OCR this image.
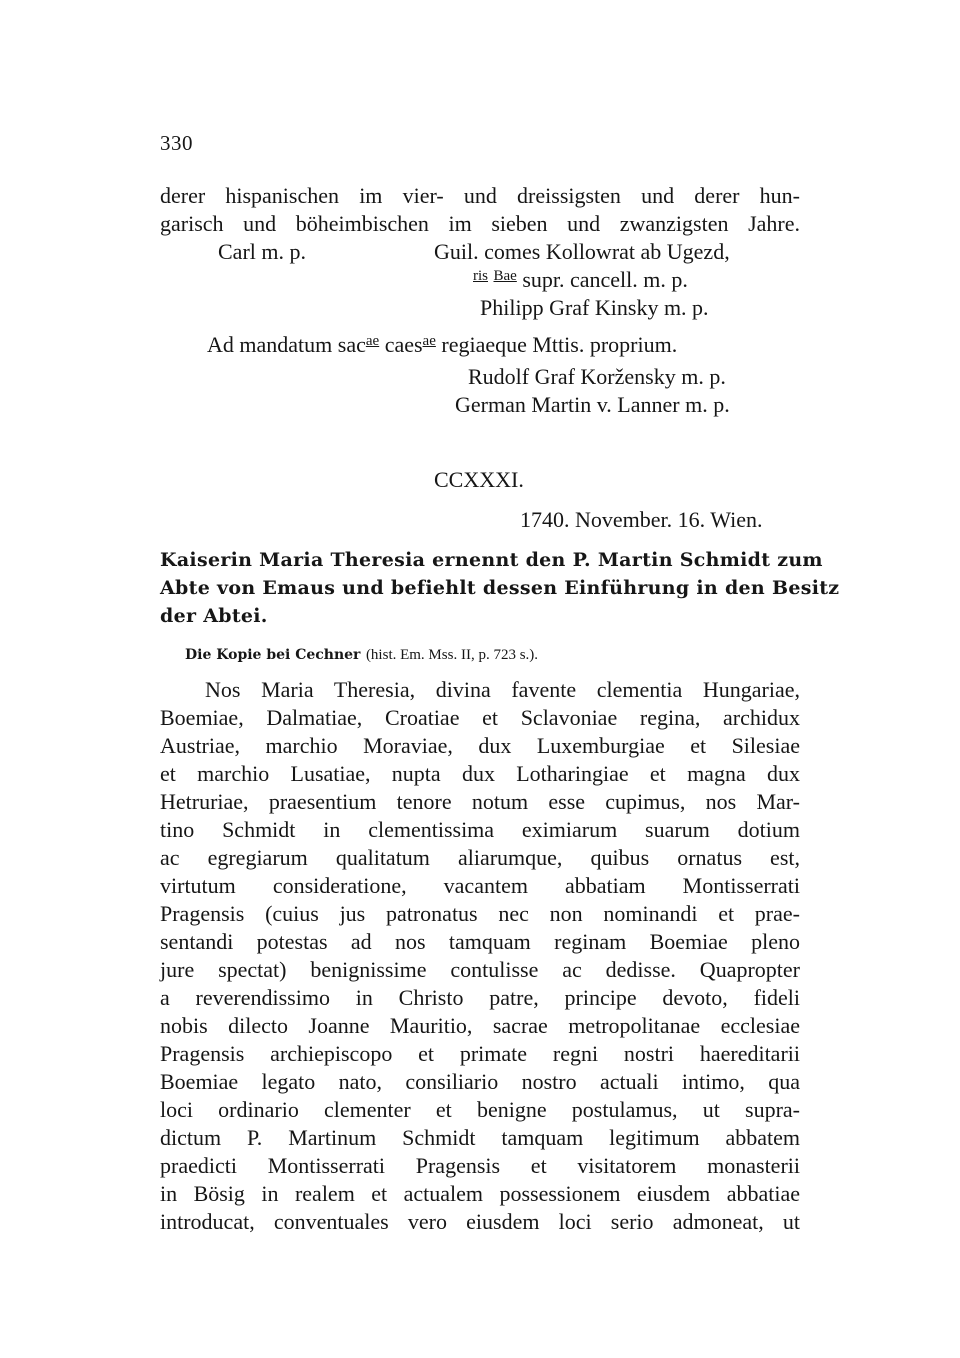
330
derer hispanischen im vier- und dreissigsten und derer hun-
garisch und böheimbischen im sieben und zwanzigsten Jahre.
Carl m. p.	Guil. comes Kollowrat ab Ugezd,
$^{ris}$ $^{Bae}$ supr. cancell. m. p.
Philipp Graf Kinsky m. p.
Ad mandatum sac$^{ae}$ caes$^{ae}$ regiaeque Mttis. proprium.
Rudolf Graf Koržensky m. p.
German Martin v. Lanner m. p.
CCXXXI.
1740. November. 16. Wien.
Kaiserin Maria Theresia ernennt den P. Martin Schmidt zum
Abte von Emaus und befiehlt dessen Einführung in den Besitz
der Abtei.
Die Kopie bei Cechner (hist. Em. Mss. II, p. 723 s.).
Nos Maria Theresia, divina favente clementia Hungariae,
Boemiae, Dalmatiae, Croatiae et Sclavoniae regina, archidux
Austriae, marchio Moraviae, dux Luxemburgiae et Silesiae
et marchio Lusatiae, nupta dux Lotharingiae et magna dux
Hetruriae, praesentium tenore notum esse cupimus, nos Mar-
tino Schmidt in clementissima eximiarum suarum dotium
ac egregiarum qualitatum aliarumque, quibus ornatus est,
virtutum consideratione, vacantem abbatiam Montisserrati
Pragensis (cuius jus patronatus nec non nominandi et prae-
sentandi potestas ad nos tamquam reginam Boemiae pleno
jure spectat) benignissime contulisse ac dedisse. Quapropter
a reverendissimo in Christo patre, principe devoto, fideli
nobis dilecto Joanne Mauritio, sacrae metropolitanae ecclesiae
Pragensis archiepiscopo et primate regni nostri haereditarii
Boemiae legato nato, consiliario nostro actuali intimo, qua
loci ordinario clementer et benigne postulamus, ut supra-
dictum P. Martinum Schmidt tamquam legitimum abbatem
praedicti Montisserrati Pragensis et visitatorem monasterii
in Bösig in realem et actualem possessionem eiusdem abbatiae
introducat, conventuales vero eiusdem loci serio admoneat, ut
